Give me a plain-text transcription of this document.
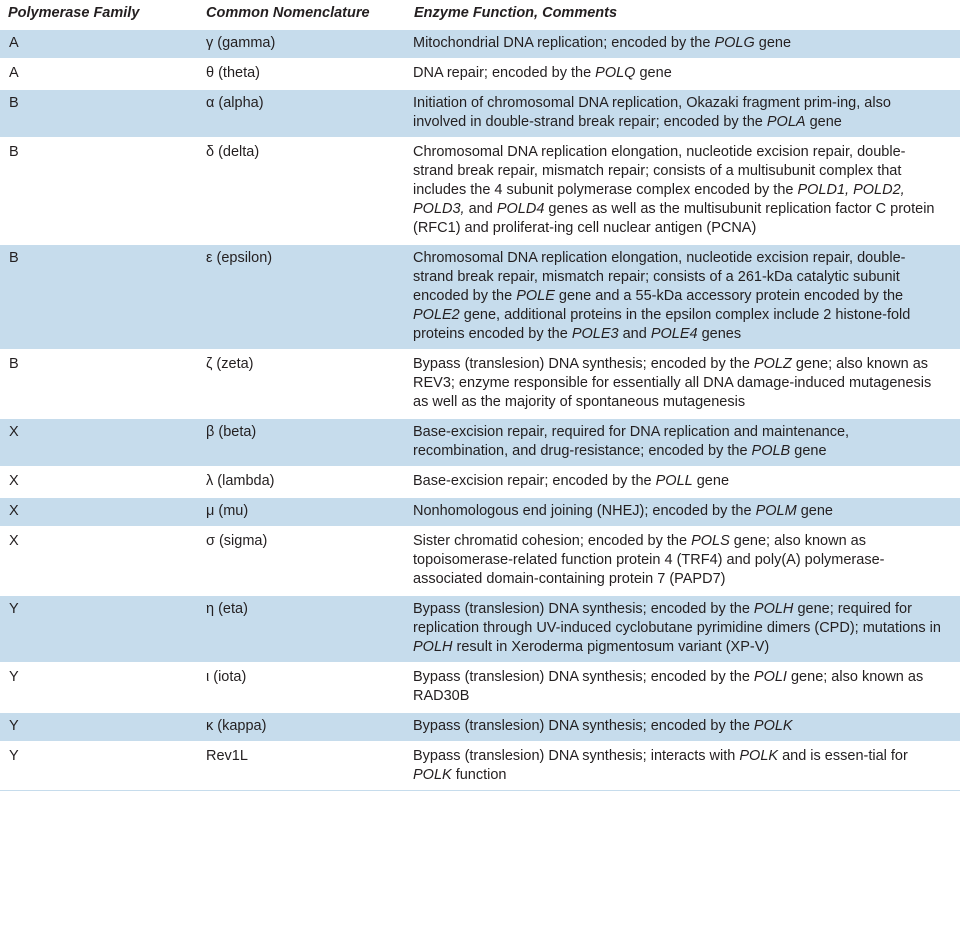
Polymerase Family	Common Nomenclature	Enzyme Function, Comments
A	γ (gamma)	Mitochondrial DNA replication; encoded by the POLG gene
A	θ (theta)	DNA repair; encoded by the POLQ gene
B	α (alpha)	Initiation of chromosomal DNA replication, Okazaki fragment prim-ing, also involved in double-strand break repair; encoded by the POLA gene
B	δ (delta)	Chromosomal DNA replication elongation, nucleotide excision repair, double-strand break repair, mismatch repair; consists of a multisubunit complex that includes the 4 subunit polymerase complex encoded by the POLD1, POLD2, POLD3, and POLD4 genes as well as the multisubunit replication factor C protein (RFC1) and proliferat-ing cell nuclear antigen (PCNA)
B	ε (epsilon)	Chromosomal DNA replication elongation, nucleotide excision repair, double-strand break repair, mismatch repair; consists of a 261-kDa catalytic subunit encoded by the POLE gene and a 55-kDa accessory protein encoded by the POLE2 gene, additional proteins in the epsilon complex include 2 histone-fold proteins encoded by the POLE3 and POLE4 genes
B	ζ (zeta)	Bypass (translesion) DNA synthesis; encoded by the POLZ gene; also known as REV3; enzyme responsible for essentially all DNA damage-induced mutagenesis as well as the majority of spontaneous mutagenesis
X	β (beta)	Base-excision repair, required for DNA replication and maintenance, recombination, and drug-resistance; encoded by the POLB gene
X	λ (lambda)	Base-excision repair; encoded by the POLL gene
X	μ (mu)	Nonhomologous end joining (NHEJ); encoded by the POLM gene
X	σ (sigma)	Sister chromatid cohesion; encoded by the POLS gene; also known as topoisomerase-related function protein 4 (TRF4) and poly(A) polymerase-associated domain-containing protein 7 (PAPD7)
Y	η (eta)	Bypass (translesion) DNA synthesis; encoded by the POLH gene; required for replication through UV-induced cyclobutane pyrimidine dimers (CPD); mutations in POLH result in Xeroderma pigmentosum variant (XP-V)
Y	ι (iota)	Bypass (translesion) DNA synthesis; encoded by the POLI gene; also known as RAD30B
Y	κ (kappa)	Bypass (translesion) DNA synthesis; encoded by the POLK
Y	Rev1L	Bypass (translesion) DNA synthesis; interacts with POLK and is essen-tial for POLK function
